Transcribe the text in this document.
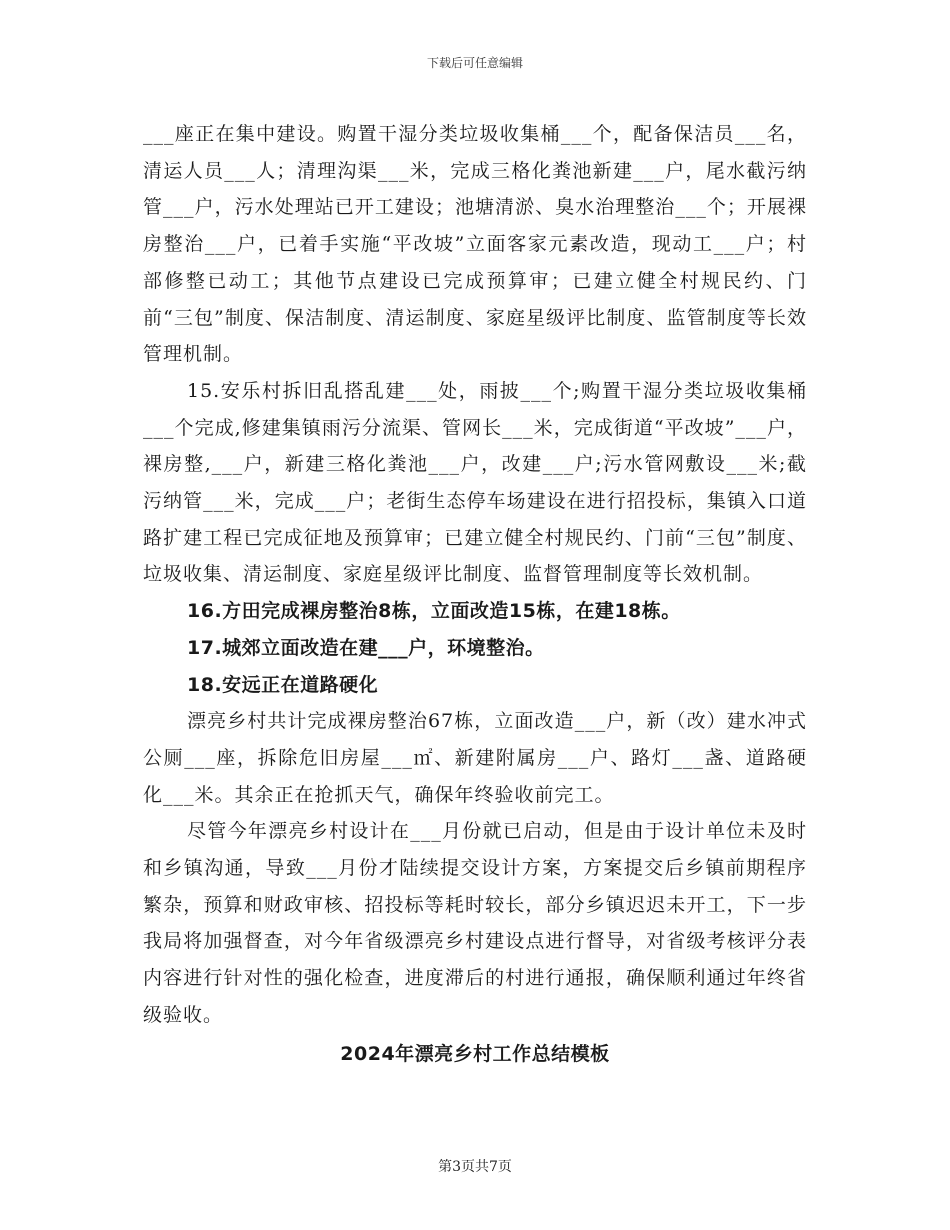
下载后可任意编辑

___座正在集中建设。购置干湿分类垃圾收集桶___个，配备保洁员___名，清运人员___人；清理沟渠___米，完成三格化粪池新建___户，尾水截污纳管___户，污水处理站已开工建设；池塘清淤、臭水治理整治___个；开展裸房整治___户，已着手实施“平改坡”立面客家元素改造，现动工___户；村部修整已动工；其他节点建设已完成预算审；已建立健全村规民约、门前“三包”制度、保洁制度、清运制度、家庭星级评比制度、监管制度等长效管理机制。

15.安乐村拆旧乱搭乱建___处，雨披___个;购置干湿分类垃圾收集桶___个完成,修建集镇雨污分流渠、管网长___米，完成街道“平改坡”___户，裸房整,___户，新建三格化粪池___户，改建___户;污水管网敷设___米;截污纳管___米，完成___户；老街生态停车场建设在进行招投标，集镇入口道路扩建工程已完成征地及预算审；已建立健全村规民约、门前“三包”制度、垃圾收集、清运制度、家庭星级评比制度、监督管理制度等长效机制。

16.方田完成裸房整治8栋，立面改造15栋，在建18栋。

17.城郊立面改造在建___户，环境整治。

18.安远正在道路硬化

漂亮乡村共计完成裸房整治67栋，立面改造___户，新（改）建水冲式公厕___座，拆除危旧房屋___㎡、新建附属房___户、路灯___盏、道路硬化___米。其余正在抢抓天气，确保年终验收前完工。

尽管今年漂亮乡村设计在___月份就已启动，但是由于设计单位未及时和乡镇沟通，导致___月份才陆续提交设计方案，方案提交后乡镇前期程序繁杂，预算和财政审核、招投标等耗时较长，部分乡镇迟迟未开工，下一步我局将加强督查，对今年省级漂亮乡村建设点进行督导，对省级考核评分表内容进行针对性的强化检查，进度滞后的村进行通报，确保顺利通过年终省级验收。

2024年漂亮乡村工作总结模板

第3页共7页
